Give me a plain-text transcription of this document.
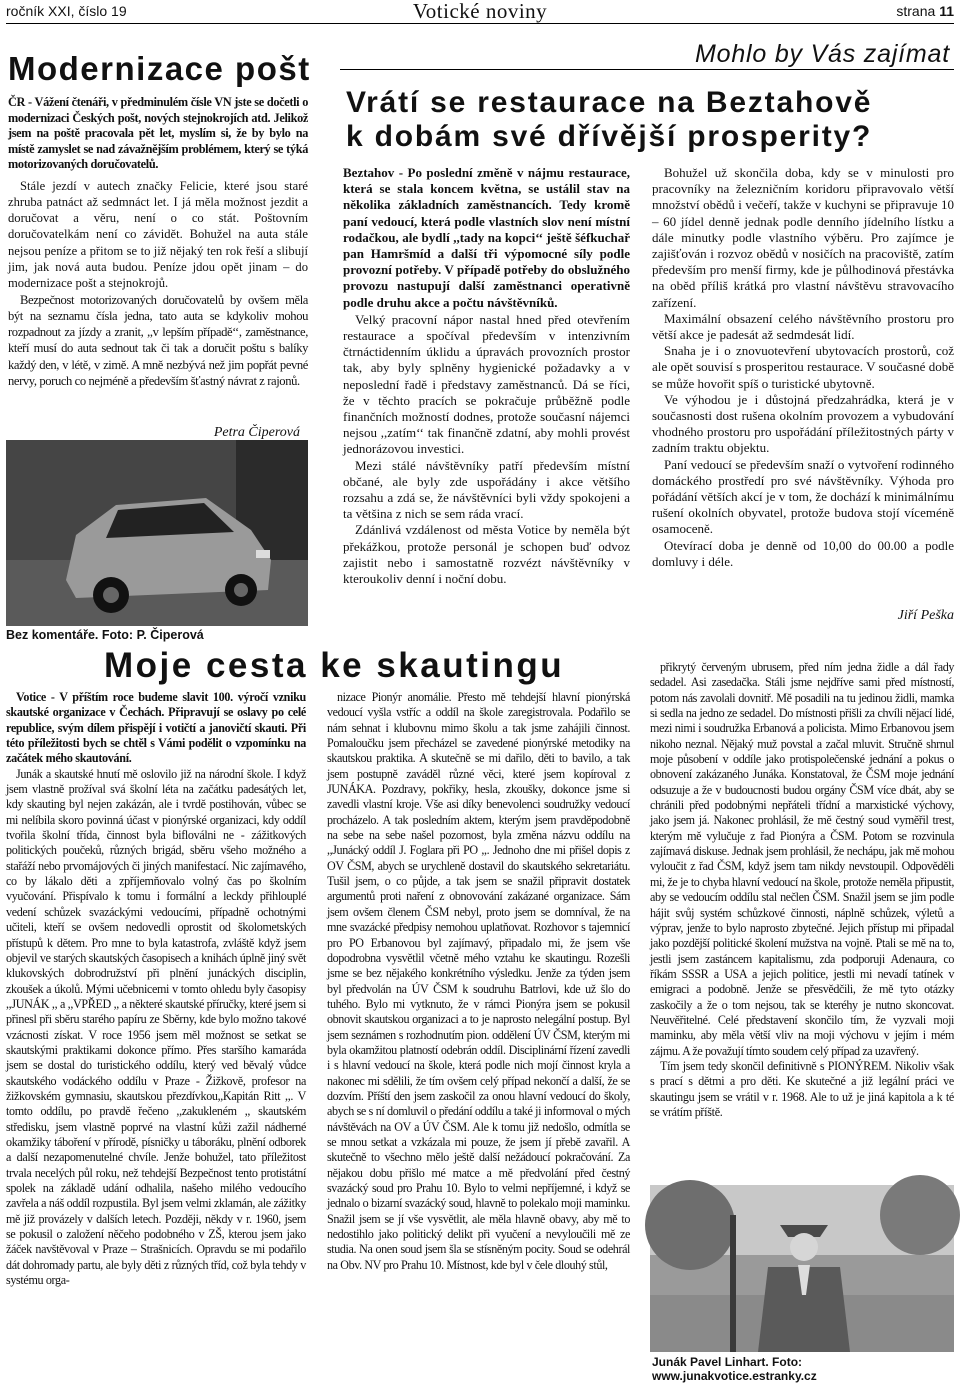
ročník XXI, číslo 19	Votické noviny	strana 11
Modernizace pošt

ČR - Vážení čtenáři, v předminulém čísle VN jste se dočetli o modernizaci Českých pošt, nových stejnokrojích atd. Jelikož jsem na poště pracovala pět let, myslím si, že by bylo na místě zamyslet se nad závažnějším problémem, který se týká motorizovaných doručovatelů.

Stále jezdí v autech značky Felicie, které jsou staré zhruba patnáct až sedmnáct let. I já měla možnost jezdit a doručovat a věru, není o co stát. Poštovním doručovatelkám není co závidět. Bohužel na auta stále nejsou peníze a přitom se to již nějaký ten rok řeší a slibují jim, jak nová auta budou. Peníze jdou opět jinam – do modernizace pošt a stejnokrojů.

Bezpečnost motorizovaných doručovatelů by ovšem měla být na seznamu čísla jedna, tato auta se kdykoliv mohou rozpadnout za jízdy a zranit, ,,v lepším případě‘‘, zaměstnance, kteří musí do auta sednout tak či tak a doručit poštu s balíky každý den, v létě, v zimě. A mně nezbývá než jim popřát pevné nervy, poruch co nejméně a především šťastný návrat z rajonů.

Petra Čiperová
Bez komentáře. Foto: P. Čiperová
Mohlo by Vás zajímat
Vrátí se restaurace na Beztahově
k dobám své dřívější prosperity?

Beztahov - Po poslední změně v nájmu restaurace, která se stala koncem května, se ustálil stav na několika základních zaměstnancích. Tedy kromě paní vedoucí, která podle vlastních slov není místní rodačkou, ale bydlí ,,tady na kopci‘‘ ještě šéfkuchař pan Hamršmíd a další tři výpomocné síly podle provozní potřeby. V případě potřeby do obslužného provozu nastupují další zaměstnanci operativně podle druhu akce a počtu návštěvníků.

Velký pracovní nápor nastal hned před otevřením restaurace a spočíval především v intenzivním čtrnáctidenním úklidu a úpravách provozních prostor tak, aby byly splněny hygienické požadavky a v neposlední řadě i představy zaměstnanců. Dá se říci, že v těchto pracích se pokračuje průběžně podle finančních možností dodnes, protože současní nájemci nejsou ,,zatím‘‘ tak finančně zdatní, aby mohli provést jednorázovou investici.

Mezi stálé návštěvníky patří především místní občané, ale byly zde uspořádány i akce většího rozsahu a zdá se, že návštěvníci byli vždy spokojeni a ta většina z nich se sem ráda vrací.

Zdánlivá vzdálenost od města Votice by neměla být překážkou, protože personál je schopen buď odvoz zajistit nebo i samostatně rozvézt návštěvníky v kteroukoliv denní i noční dobu.

Bohužel už skončila doba, kdy se v minulosti pro pracovníky na železničním koridoru připravovalo větší množství obědů i večeří, takže v kuchyni se připravuje 10 – 60 jídel denně jednak podle denního jídelního lístku a dále minutky podle vlastního výběru. Pro zajímce je zajišťován i rozvoz obědů v nosičích na pracoviště, zatím především pro menší firmy, kde je půlhodinová přestávka na oběd příliš krátká pro vlastní návštěvu stravovacího zařízení.

Maximální obsazení celého návštěvního prostoru pro větší akce je padesát až sedmdesát lidí.

Snaha je i o znovuotevření ubytovacích prostorů, což ale opět souvisí s prosperitou restaurace. V současné době se může hovořit spíš o turistické ubytovně.

Ve výhodou je i důstojná předzahrádka, která je v současnosti dost rušena okolním provozem a vybudování vhodného prostoru pro uspořádání příležitostných párty v zadním traktu objektu.

Paní vedoucí se především snaží o vytvoření rodinného domáckého prostředí pro své návštěvníky. Výhoda pro pořádání větších akcí je v tom, že dochází k minimálnímu rušení okolních obyvatel, protože budova stojí víceméně osamoceně.

Otevírací doba je denně od 10,00 do 00.00 a podle domluvy i déle.

Jiří Peška
Moje cesta ke skautingu

Votice - V příštím roce budeme slavit 100. výročí vzniku skautské organizace v Čechách. Připravují se oslavy po celé republice, svým dílem přispějí i votičtí a janovičtí skauti. Při této příležitosti bych se chtěl s Vámi podělit o vzpomínku na začátek mého skautování.

Junák a skautské hnutí mě oslovilo již na národní škole. I když jsem vlastně prožíval svá školní léta na začátku padesátých let, kdy skauting byl nejen zakázán, ale i tvrdě postihován, vůbec se mi nelíbila skoro povinná účast v pionýrské organizaci, kdy oddíl tvořila školní třída, činnost byla bifloválni ne - zážitkových politických poučeků, různých brigád, sběru všeho možného a stařáží nebo prvomájových či jiných manifestací. Nic zajímavého, co by lákalo děti a zpříjemňovalo volný čas po školním vyučování. Přispívalo k tomu i formální a leckdy přihlouplé vedení schůzek svazáckými vedoucími, případně ochotnými učiteli, kteří se ovšem nedovedli oprostit od školometských přístupů k dětem. Pro mne to byla katastrofa, zvláště když jsem objevil ve starých skautských časopisech a knihách úplně jiný svět klukovských dobrodružství při plnění junáckých disciplin, zkoušek a úkolů. Mými učebnicemi v tomto ohledu byly časopisy ,,JUNÁK ,, a ,,VPŘED ,, a některé skautské příručky, které jsem si přinesl při sběru starého papíru ze Sběrny, kde bylo možno takové vzácnosti získat. V roce 1956 jsem měl možnost se setkat se skautskými praktikami dokonce přímo. Přes staršího kamaráda jsem se dostal do turistického oddílu, který ved běvalý vůdce skautského vodáckého oddílu v Praze - Žižkově, profesor na žižkovském gymnasiu, skautskou přezdívkou,,Kapitán Ritt ,,. V tomto oddílu, po pravdě řečeno ,,zakukleném ,, skautském středisku, jsem vlastně poprvé na vlastní kůži zažil nádherné okamžiky táboření v přírodě, písničky u táboráku, plnění odborek a další nezapomenutelné chvíle. Jenže bohužel, tato příležitost trvala necelých půl roku, než tehdejší Bezpečnost tento protistátní spolek na základě udání odhalila, našeho milého vedoucího zavřela a náš oddíl rozpustila. Byl jsem velmi zklamán, ale zážitky mě již provázely v dalších letech. Později, někdy v r. 1960, jsem se pokusil o založení něčeho podobného v ZŠ, kterou jsem jako žáček navštěvoval v Praze – Strašnicích. Opravdu se mi podařilo dát dohromady partu, ale byly děti z různých tříd, což byla tehdy v systému orga-

nizace Pionýr anomálie. Přesto mě tehdejší hlavní pionýrská vedoucí vyšla vstříc a oddíl na škole zaregistrovala. Podařilo se nám sehnat i klubovnu mimo školu a tak jsme zahájili činnost. Pomaloučku jsem přecházel se zavedené pionýrské metodiky na skautskou praktika. A skutečně se mi dařilo, děti to bavilo, a tak jsem postupně zaváděl různé věci, které jsem kopíroval z JUNÁKA. Pozdravy, pokřiky, hesla, zkoušky, dokonce jsme si zavedli vlastní kroje. Vše asi díky benevolenci soudružky vedoucí procházelo. A tak posledním aktem, kterým jsem pravděpodobně na sebe na sebe našel pozornost, byla změna názvu oddílu na ,,Junácký oddíl J. Foglara při PO ,,. Jednoho dne mi přišel dopis z OV ČSM, abych se urychleně dostavil do skautského sekretariátu. Tušil jsem, o co půjde, a tak jsem se snažil připravit dostatek argumentů proti naření z obnovování zakázané organizace. Sám jsem ovšem členem ČSM nebyl, proto jsem se domníval, že na mne svazácké předpisy nemohou uplatňovat. Rozhovor s tajemnicí pro PO Erbanovou byl zajímavý, připadalo mi, že jsem vše dopodrobna vysvětlil včetně mého vztahu ke skautingu. Rozešli jsme se bez nějakého konkrétního výsledku. Jenže za týden jsem byl předvolán na ÚV ČSM k soudruhu Batrlovi, kde už šlo do tuhého. Bylo mi vytknuto, že v rámci Pionýra jsem se pokusil obnovit skautskou organizaci a to je naprosto nelegální postup. Byl jsem seznámen s rozhodnutím pion. oddělení ÚV ČSM, kterým mi byla okamžitou platností odebrán oddíl. Disciplinární řízení zavedli i s hlavní vedoucí na škole, která podle nich mojí činnost kryla a nakonec mi sdělili, že tím ovšem celý případ nekončí a další, že se dozvím. Příští den jsem zaskočil za onou hlavní vedoucí do školy, abych se s ní domluvil o předání oddílu a také ji informoval o mých návštěvách na OV a ÚV ČSM. Ale k tomu již nedošlo, odmítla se se mnou setkat a vzkázala mi pouze, že jsem jí přebě zavařil. A skutečně to všechno mělo ještě další nežádoucí pokračování. Za nějakou dobu přišlo mé matce a mě předvolání před čestný svazácký soud pro Prahu 10. Bylo to velmi nepříjemné, i když se jednalo o bizarní svazácký soud, hlavně to polekalo moji maminku. Snažil jsem se jí vše vysvětlit, ale měla hlavně obavy, aby mě to nedostihlo jako politický delikt při vyučení a nevyloučili mě ze studia. Na onen soud jsem šla se stísněným pocity. Soud se odehrál na Obv. NV pro Prahu 10. Místnost, kde byl v čele dlouhý stůl,

přikrytý červeným ubrusem, před ním jedna židle a dál řady sedadel. Asi zasedačka. Stáli jsme nejdříve sami před místností, potom nás zavolali dovnitř. Mě posadili na tu jedinou židli, mamka si sedla na jedno ze sedadel. Do místnosti přišli za chvíli nějací lidé, mezi nimi i soudružka Erbanová a policista. Mimo Erbanovou jsem nikoho neznal. Nějaký muž povstal a začal mluvit. Stručně shrnul moje působení v oddíle jako protispolečenské jednání a pokus o obnovení zakázaného Junáka. Konstatoval, že ČSM moje jednání odsuzuje a že v budoucnosti budou orgány ČSM více dbát, aby se chránili před podobnými nepřáteli třídní a marxistické výchovy, jako jsem já. Nakonec prohlásil, že mě čestný soud vyměřil trest, kterým mě vylučuje z řad Pionýra a ČSM. Potom se rozvinula zajímavá diskuse. Jednak jsem prohlásil, že nechápu, jak mě mohou vyloučit z řad ČSM, když jsem tam nikdy nevstoupil. Odpověděli mi, že je to chyba hlavní vedoucí na škole, protože neměla připustit, aby se vedoucím oddílu stal nečlen ČSM. Snažil jsem se jim podle hájit svůj systém schůzkové činnosti, náplně schůzek, výletů a výprav, jenže to bylo naprosto zbytečné. Jejich přístup mi připadal jako pozdější politické školení mužstva na vojně. Ptali se mě na to, jestli jsem zastáncem kapitalismu, zda podporuji Adenaura, co říkám SSSR a USA a jejich politice, jestli mi nevadí tatínek v emigraci a podobně. Jenže se přesvědčili, že mě tyto otázky zaskočily a že o tom nejsou, tak se kteréhy je nutno skoncovat. Neuvěřitelné. Celé představení skončilo tím, že vyzvali moji maminku, aby měla větší vliv na moji výchovu v jejím i mém zájmu. A že považují tímto soudem celý případ za uzavřený.

Tím jsem tedy skončil definitivně s PIONÝREM. Nikoliv však s prací s dětmi a pro děti. Ke skutečné a již legální práci ve skautingu jsem se vrátil v r. 1968. Ale to už je jiná kapitola a k té se vrátím příště.

Junák Pavel Linhart. Foto: www.junakvotice.estranky.cz
